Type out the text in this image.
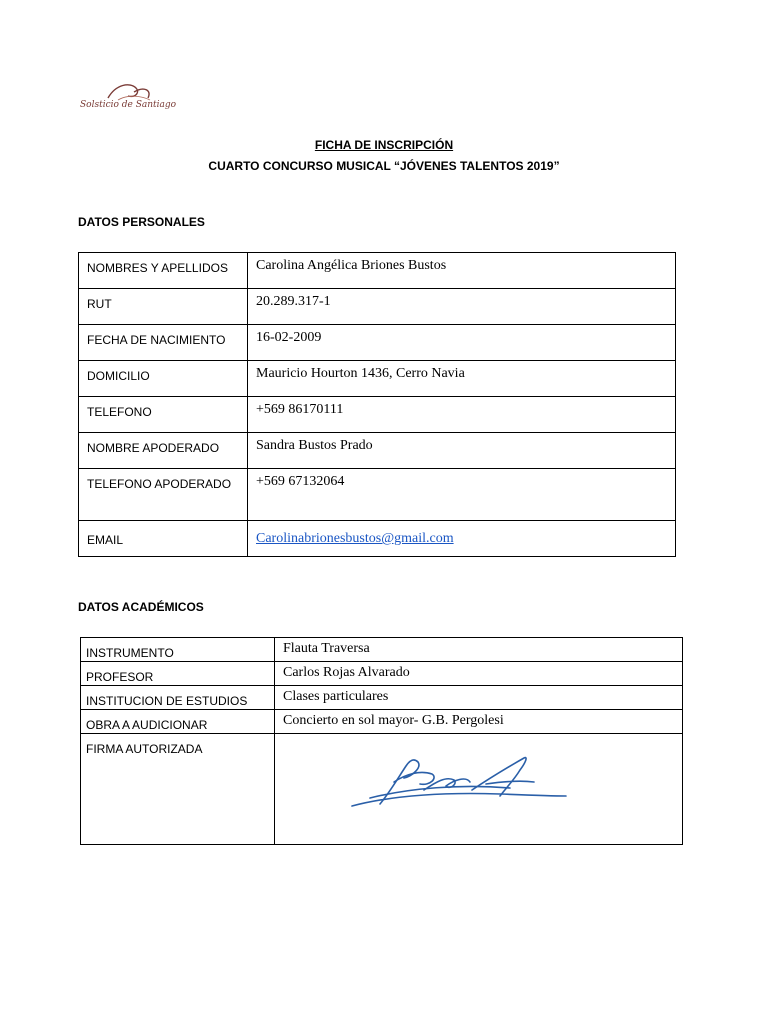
Solsticio de Santiago
FICHA DE INSCRIPCIÓN
CUARTO CONCURSO MUSICAL “JÓVENES TALENTOS 2019”
DATOS PERSONALES
NOMBRES Y APELLIDOS	Carolina Angélica Briones Bustos
RUT	20.289.317-1
FECHA DE NACIMIENTO	16-02-2009
DOMICILIO	Mauricio Hourton 1436, Cerro Navia
TELEFONO	+569 86170111
NOMBRE APODERADO	Sandra Bustos Prado
TELEFONO APODERADO	+569 67132064
EMAIL	Carolinabrionesbustos@gmail.com
DATOS ACADÉMICOS
INSTRUMENTO	Flauta Traversa
PROFESOR	Carlos Rojas Alvarado
INSTITUCION DE ESTUDIOS	Clases particulares
OBRA A AUDICIONAR	Concierto en sol mayor- G.B. Pergolesi
FIRMA AUTORIZADA	
